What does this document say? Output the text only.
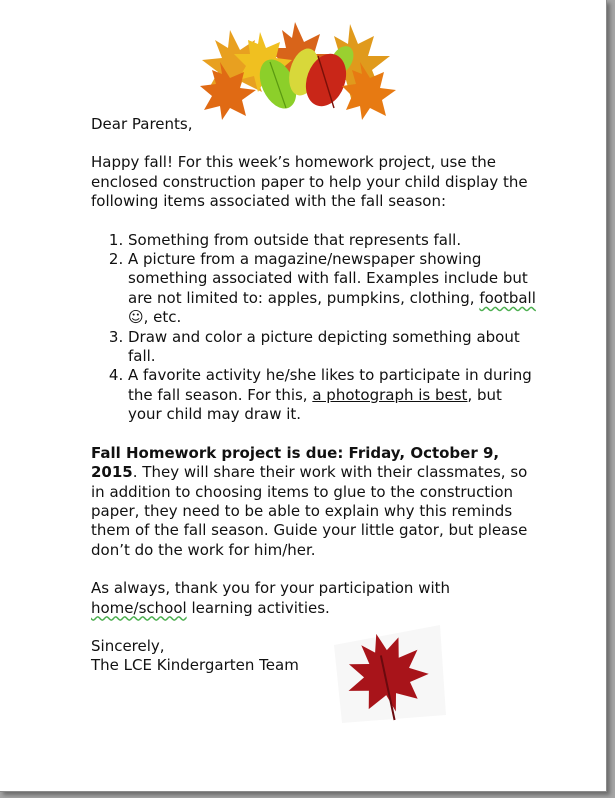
Dear Parents,

Happy fall! For this week’s homework project, use the enclosed construction paper to help your child display the following items associated with the fall season:

1. Something from outside that represents fall.
2. A picture from a magazine/newspaper showing something associated with fall. Examples include but are not limited to: apples, pumpkins, clothing, football ☺, etc.
3. Draw and color a picture depicting something about fall.
4. A favorite activity he/she likes to participate in during the fall season. For this, a photograph is best, but your child may draw it.

Fall Homework project is due: Friday, October 9, 2015. They will share their work with their classmates, so in addition to choosing items to glue to the construction paper, they need to be able to explain why this reminds them of the fall season. Guide your little gator, but please don’t do the work for him/her.

As always, thank you for your participation with home/school learning activities.

Sincerely,

The LCE Kindergarten Team
